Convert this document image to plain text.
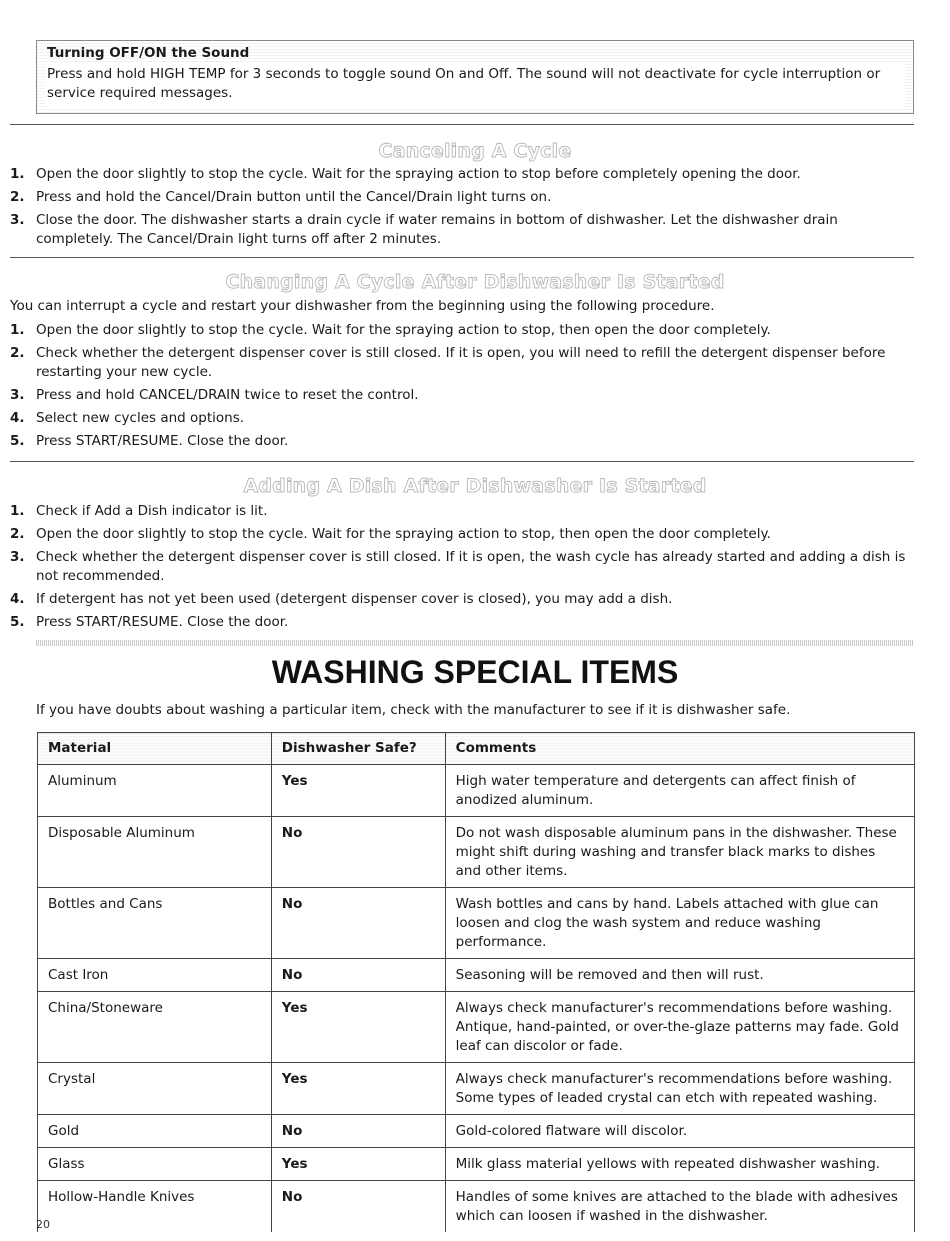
Turning OFF/ON the Sound

Press and hold HIGH TEMP for 3 seconds to toggle sound On and Off. The sound will not deactivate for cycle interruption or service required messages.

Canceling A Cycle
1. Open the door slightly to stop the cycle. Wait for the spraying action to stop before completely opening the door.
2. Press and hold the Cancel/Drain button until the Cancel/Drain light turns on.
3. Close the door. The dishwasher starts a drain cycle if water remains in bottom of dishwasher. Let the dishwasher drain completely. The Cancel/Drain light turns off after 2 minutes.
Changing A Cycle After Dishwasher Is Started

You can interrupt a cycle and restart your dishwasher from the beginning using the following procedure.

1. Open the door slightly to stop the cycle. Wait for the spraying action to stop, then open the door completely.
2. Check whether the detergent dispenser cover is still closed. If it is open, you will need to refill the detergent dispenser before restarting your new cycle.
3. Press and hold CANCEL/DRAIN twice to reset the control.
4. Select new cycles and options.
5. Press START/RESUME. Close the door.
Adding A Dish After Dishwasher Is Started
1. Check if Add a Dish indicator is lit.
2. Open the door slightly to stop the cycle. Wait for the spraying action to stop, then open the door completely.
3. Check whether the detergent dispenser cover is still closed. If it is open, the wash cycle has already started and adding a dish is not recommended.
4. If detergent has not yet been used (detergent dispenser cover is closed), you may add a dish.
5. Press START/RESUME. Close the door.
WASHING SPECIAL ITEMS

If you have doubts about washing a particular item, check with the manufacturer to see if it is dishwasher safe.

Material	Dishwasher Safe?	Comments
Aluminum	Yes	High water temperature and detergents can affect finish of anodized aluminum.
Disposable Aluminum	No	Do not wash disposable aluminum pans in the dishwasher. These might shift during washing and transfer black marks to dishes and other items.
Bottles and Cans	No	Wash bottles and cans by hand. Labels attached with glue can loosen and clog the wash system and reduce washing performance.
Cast Iron	No	Seasoning will be removed and then will rust.
China/Stoneware	Yes	Always check manufacturer's recommendations before washing. Antique, hand-painted, or over-the-glaze patterns may fade. Gold leaf can discolor or fade.
Crystal	Yes	Always check manufacturer's recommendations before washing. Some types of leaded crystal can etch with repeated washing.
Gold	No	Gold-colored flatware will discolor.
Glass	Yes	Milk glass material yellows with repeated dishwasher washing.
Hollow-Handle Knives	No	Handles of some knives are attached to the blade with adhesives which can loosen if washed in the dishwasher.
20
